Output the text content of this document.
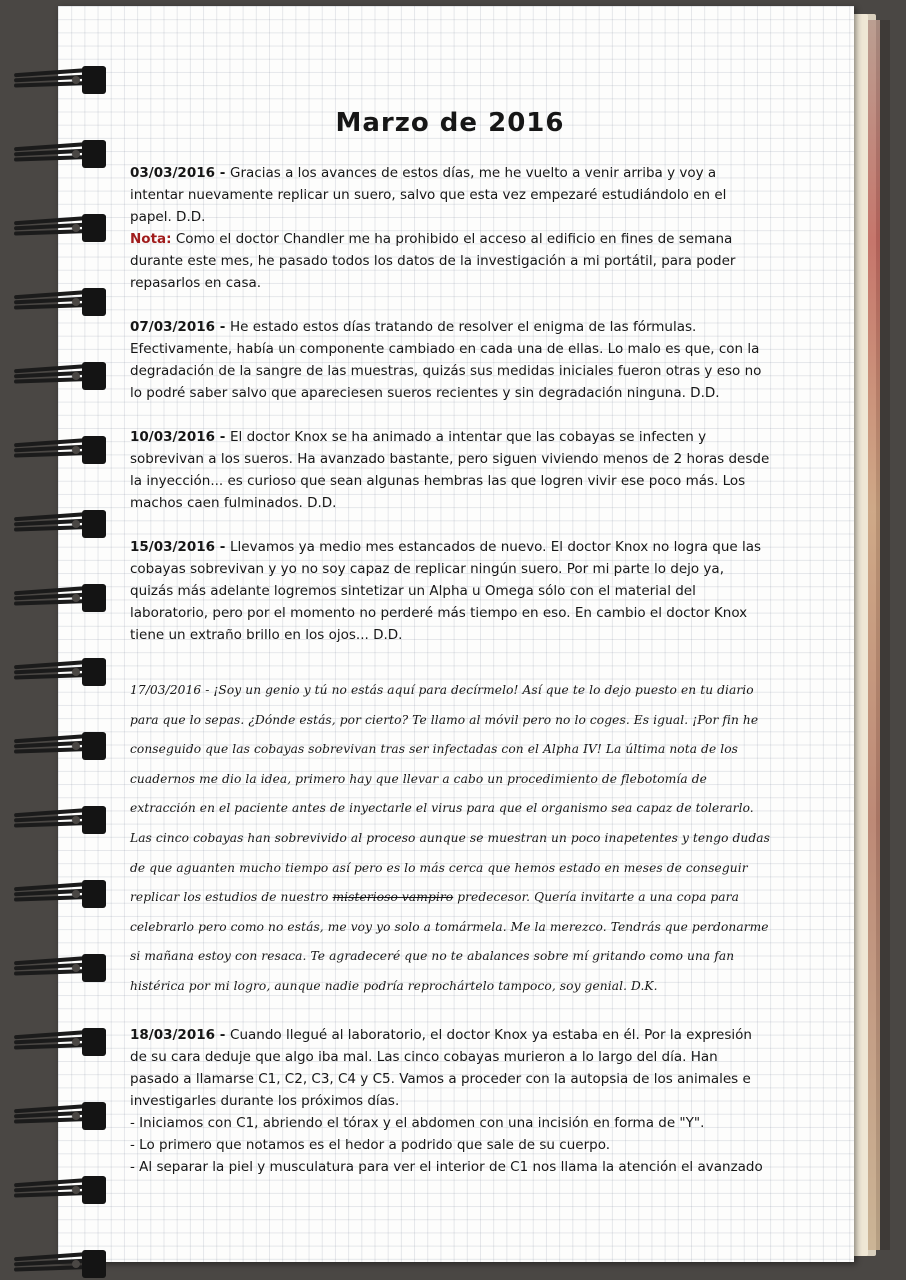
Marzo de 2016

03/03/2016 - Gracias a los avances de estos días, me he vuelto a venir arriba y voy a intentar nuevamente replicar un suero, salvo que esta vez empezaré estudiándolo en el papel. D.D.
Nota: Como el doctor Chandler me ha prohibido el acceso al edificio en fines de semana durante este mes, he pasado todos los datos de la investigación a mi portátil, para poder repasarlos en casa.

07/03/2016 - He estado estos días tratando de resolver el enigma de las fórmulas. Efectivamente, había un componente cambiado en cada una de ellas. Lo malo es que, con la degradación de la sangre de las muestras, quizás sus medidas iniciales fueron otras y eso no lo podré saber salvo que apareciesen sueros recientes y sin degradación ninguna. D.D.

10/03/2016 - El doctor Knox se ha animado a intentar que las cobayas se infecten y sobrevivan a los sueros. Ha avanzado bastante, pero siguen viviendo menos de 2 horas desde la inyección... es curioso que sean algunas hembras las que logren vivir ese poco más. Los machos caen fulminados. D.D.

15/03/2016 - Llevamos ya medio mes estancados de nuevo. El doctor Knox no logra que las cobayas sobrevivan y yo no soy capaz de replicar ningún suero. Por mi parte lo dejo ya, quizás más adelante logremos sintetizar un Alpha u Omega sólo con el material del laboratorio, pero por el momento no perderé más tiempo en eso. En cambio el doctor Knox tiene un extraño brillo en los ojos... D.D.

17/03/2016 - ¡Soy un genio y tú no estás aquí para decírmelo! Así que te lo dejo puesto en tu diario para que lo sepas. ¿Dónde estás, por cierto? Te llamo al móvil pero no lo coges. Es igual. ¡Por fin he conseguido que las cobayas sobrevivan tras ser infectadas con el Alpha IV! La última nota de los cuadernos me dio la idea, primero hay que llevar a cabo un procedimiento de flebotomía de extracción en el paciente antes de inyectarle el virus para que el organismo sea capaz de tolerarlo. Las cinco cobayas han sobrevivido al proceso aunque se muestran un poco inapetentes y tengo dudas de que aguanten mucho tiempo así pero es lo más cerca que hemos estado en meses de conseguir replicar los estudios de nuestro misterioso vampiro predecesor. Quería invitarte a una copa para celebrarlo pero como no estás, me voy yo solo a tomármela. Me la merezco. Tendrás que perdonarme si mañana estoy con resaca. Te agradeceré que no te abalances sobre mí gritando como una fan histérica por mi logro, aunque nadie podría reprochártelo tampoco, soy genial. D.K.

18/03/2016 - Cuando llegué al laboratorio, el doctor Knox ya estaba en él. Por la expresión de su cara deduje que algo iba mal. Las cinco cobayas murieron a lo largo del día. Han pasado a llamarse C1, C2, C3, C4 y C5. Vamos a proceder con la autopsia de los animales e investigarles durante los próximos días.
- Iniciamos con C1, abriendo el tórax y el abdomen con una incisión en forma de "Y".
- Lo primero que notamos es el hedor a podrido que sale de su cuerpo.
- Al separar la piel y musculatura para ver el interior de C1 nos llama la atención el avanzado
